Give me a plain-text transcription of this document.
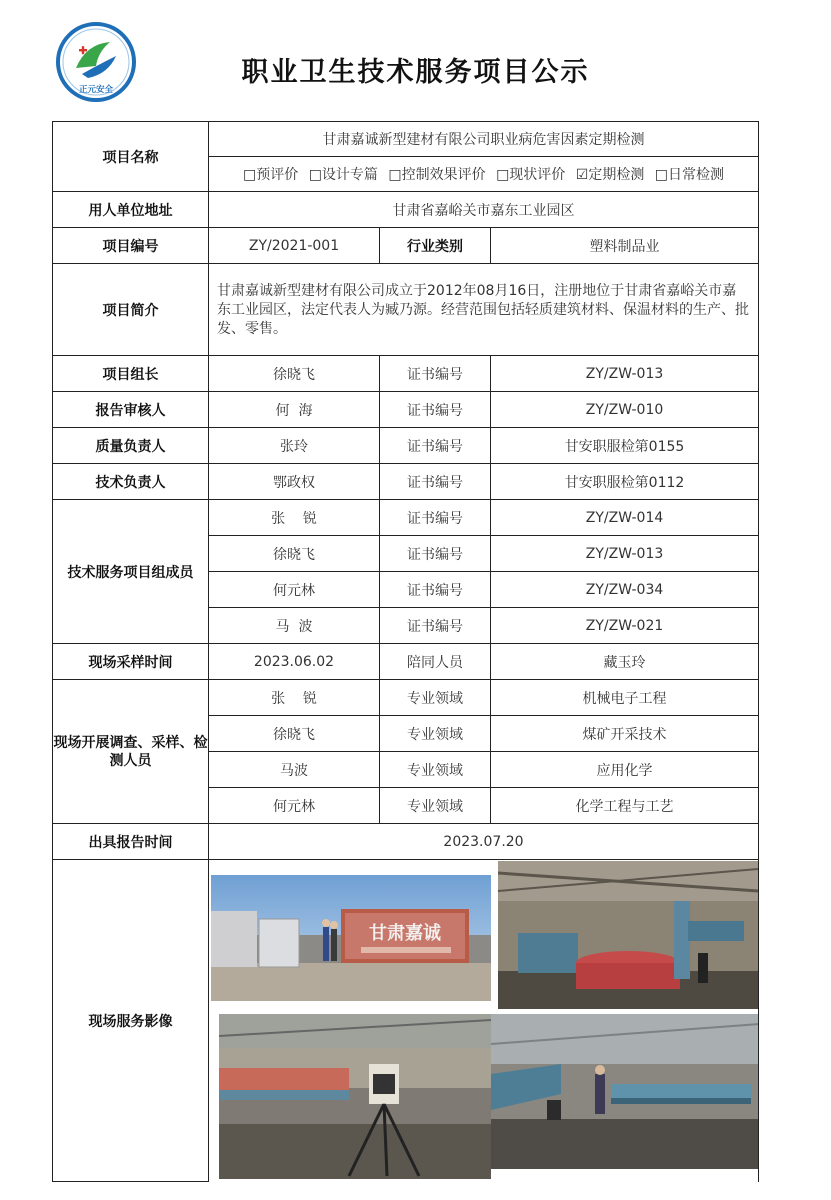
正元安全
职业卫生技术服务项目公示
项目名称	甘肃嘉诚新型建材有限公司职业病危害因素定期检测		
	□预评价 □设计专篇 □控制效果评价 □现状评价 ☑定期检测 □日常检测		
用人单位地址	甘肃省嘉峪关市嘉东工业园区		
项目编号	ZY/2021-001	行业类别	塑料制品业
项目简介	甘肃嘉诚新型建材有限公司成立于2012年08月16日，注册地位于甘肃省嘉峪关市嘉东工业园区，法定代表人为臧乃源。经营范围包括轻质建筑材料、保温材料的生产、批发、零售。		
项目组长	徐晓飞	证书编号	ZY/ZW-013
报告审核人	何  海	证书编号	ZY/ZW-010
质量负责人	张玲	证书编号	甘安职服检第0155
技术负责人	鄂政权	证书编号	甘安职服检第0112
技术服务项目组成员	张    锐	证书编号	ZY/ZW-014
	徐晓飞	证书编号	ZY/ZW-013
	何元林	证书编号	ZY/ZW-034
	马  波	证书编号	ZY/ZW-021
现场采样时间	2023.06.02	陪同人员	藏玉玲
现场开展调查、采样、检测人员	张    锐	专业领域	机械电子工程
	徐晓飞	专业领域	煤矿开采技术
	马波	专业领域	应用化学
	何元林	专业领域	化学工程与工艺
出具报告时间	2023.07.20		
现场服务影像	甘肃嘉诚		
